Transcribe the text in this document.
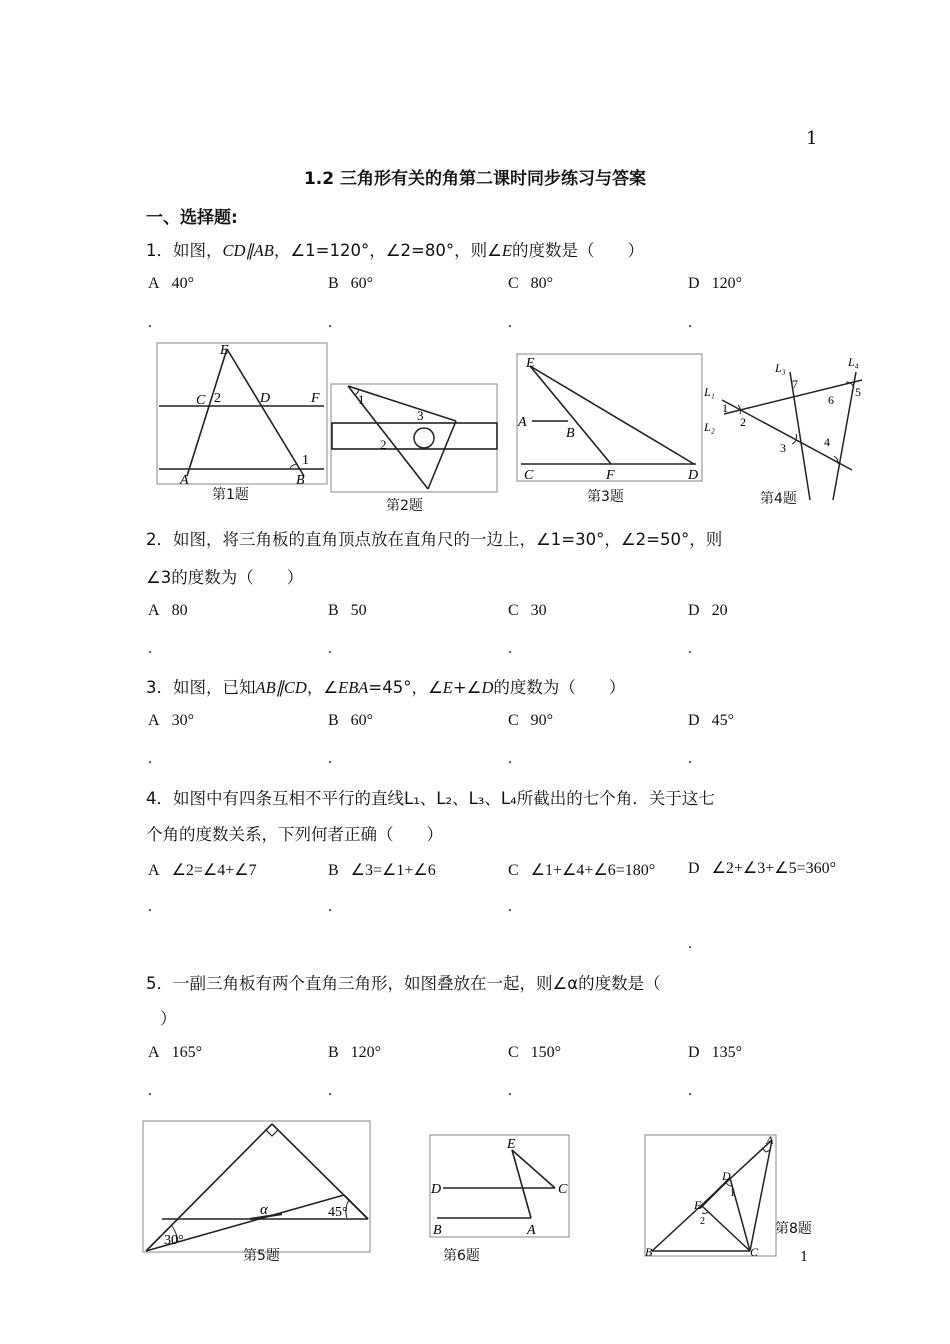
1
1
1.2 三角形有关的角第二课时同步练习与答案
一、选择题:
1．如图，CD∥AB，∠1=120°，∠2=80°，则∠E的度数是（　　）
A 40°	B 60°	C 80°	D 120°
.	.	.	.
E
C 2	D	F
1
A	B
第1题
1
2
3
第2题
E
A
B
C	F	D
第3题
L₁
L₂
L₃	L₄
1
2
3	4
5
6
7
第4题
2．如图，将三角板的直角顶点放在直角尺的一边上，∠1=30°，∠2=50°，则
∠3的度数为（　　）
A 80	B 50	C 30	D 20
.	.	.	.
3．如图，已知AB∥CD，∠EBA=45°，∠E+∠D的度数为（　　）
A 30°	B 60°	C 90°	D 45°
.	.	.	.
4．如图中有四条互相不平行的直线L₁、L₂、L₃、L₄所截出的七个角．关于这七
个角的度数关系，下列何者正确（　　）
A ∠2=∠4+∠7	B ∠3=∠1+∠6	C ∠1+∠4+∠6=180° D ∠2+∠3+∠5=360°
.	.	.
.
5．一副三角板有两个直角三角形，如图叠放在一起，则∠α的度数是（
）
A 165°	B 120°	C 150°	D 135°
.	.	.	.
α	45°
30°
第5题
E
D	C
B	A
第6题
A
D
1
E
2
B	C
第8题
